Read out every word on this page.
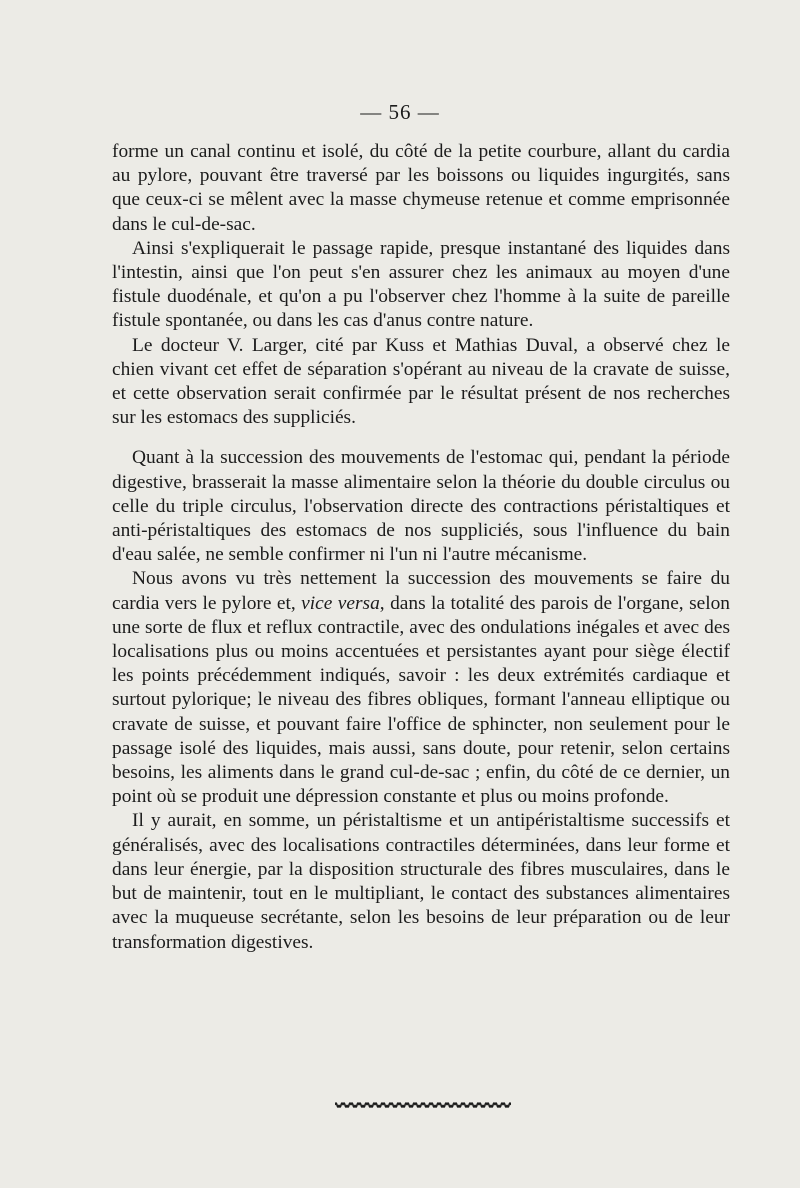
— 56 —

forme un canal continu et isolé, du côté de la petite courbure, allant du cardia au pylore, pouvant être traversé par les boissons ou liquides ingurgités, sans que ceux-ci se mêlent avec la masse chymeuse retenue et comme emprisonnée dans le cul-de-sac.

Ainsi s'expliquerait le passage rapide, presque instantané des liquides dans l'intestin, ainsi que l'on peut s'en assurer chez les animaux au moyen d'une fistule duodénale, et qu'on a pu l'observer chez l'homme à la suite de pareille fistule spontanée, ou dans les cas d'anus contre nature.

Le docteur V. Larger, cité par Kuss et Mathias Duval, a observé chez le chien vivant cet effet de séparation s'opérant au niveau de la cravate de suisse, et cette observation serait confirmée par le résultat présent de nos recherches sur les estomacs des suppliciés.

Quant à la succession des mouvements de l'estomac qui, pendant la période digestive, brasserait la masse alimentaire selon la théorie du double circulus ou celle du triple circulus, l'observation directe des contractions péristaltiques et anti-péristaltiques des estomacs de nos suppliciés, sous l'influence du bain d'eau salée, ne semble confirmer ni l'un ni l'autre mécanisme.

Nous avons vu très nettement la succession des mouvements se faire du cardia vers le pylore et, vice versa, dans la totalité des parois de l'organe, selon une sorte de flux et reflux contractile, avec des ondulations inégales et avec des localisations plus ou moins accentuées et persistantes ayant pour siège électif les points précédemment indiqués, savoir : les deux extrémités cardiaque et surtout pylorique; le niveau des fibres obliques, formant l'anneau elliptique ou cravate de suisse, et pouvant faire l'office de sphincter, non seulement pour le passage isolé des liquides, mais aussi, sans doute, pour retenir, selon certains besoins, les aliments dans le grand cul-de-sac ; enfin, du côté de ce dernier, un point où se produit une dépression constante et plus ou moins profonde.

Il y aurait, en somme, un péristaltisme et un antipéristaltisme successifs et généralisés, avec des localisations contractiles déterminées, dans leur forme et dans leur énergie, par la disposition structurale des fibres musculaires, dans le but de maintenir, tout en le multipliant, le contact des substances alimentaires avec la muqueuse secrétante, selon les besoins de leur préparation ou de leur transformation digestives.
